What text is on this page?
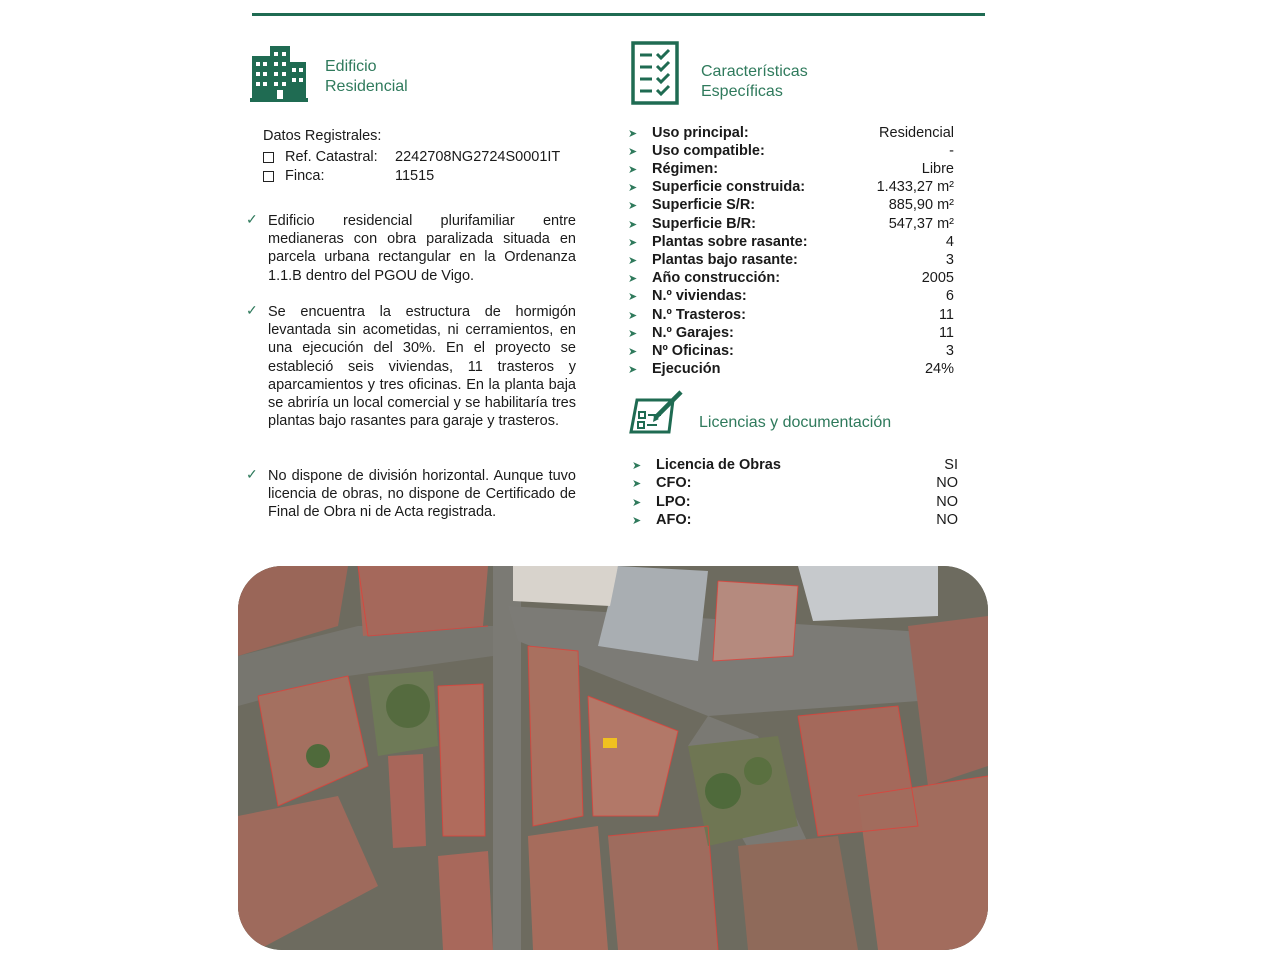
Edificio
Residencial
Datos Registrales:
Ref. Catastral:	2242708NG2724S0001IT
Finca:	11515
✓ Edificio residencial plurifamiliar entre medianeras con obra paralizada situada en parcela urbana rectangular en la Ordenanza 1.1.B dentro del PGOU de Vigo.
✓ Se encuentra la estructura de hormigón levantada sin acometidas, ni cerramientos, en una ejecución del 30%. En el proyecto se estableció seis viviendas, 11 trasteros y aparcamientos y tres oficinas. En la planta baja se abriría un local comercial y se habilitaría tres plantas bajo rasantes para garaje y trasteros.
✓ No dispone de división horizontal. Aunque tuvo licencia de obras, no dispone de Certificado de Final de Obra ni de Acta registrada.
Características
Específicas
➤	Uso principal:	Residencial
➤	Uso compatible:	-
➤	Régimen:	Libre
➤	Superficie construida:	1.433,27 m²
➤	Superficie S/R:	885,90 m²
➤	Superficie B/R:	547,37 m²
➤	Plantas sobre rasante:	4
➤	Plantas bajo rasante:	3
➤	Año construcción:	2005
➤	N.º viviendas:	6
➤	N.º Trasteros:	11
➤	N.º Garajes:	11
➤	Nº Oficinas:	3
➤	Ejecución	24%
Licencias y documentación
➤	Licencia de Obras	SI
➤	CFO:	NO
➤	LPO:	NO
➤	AFO:	NO
